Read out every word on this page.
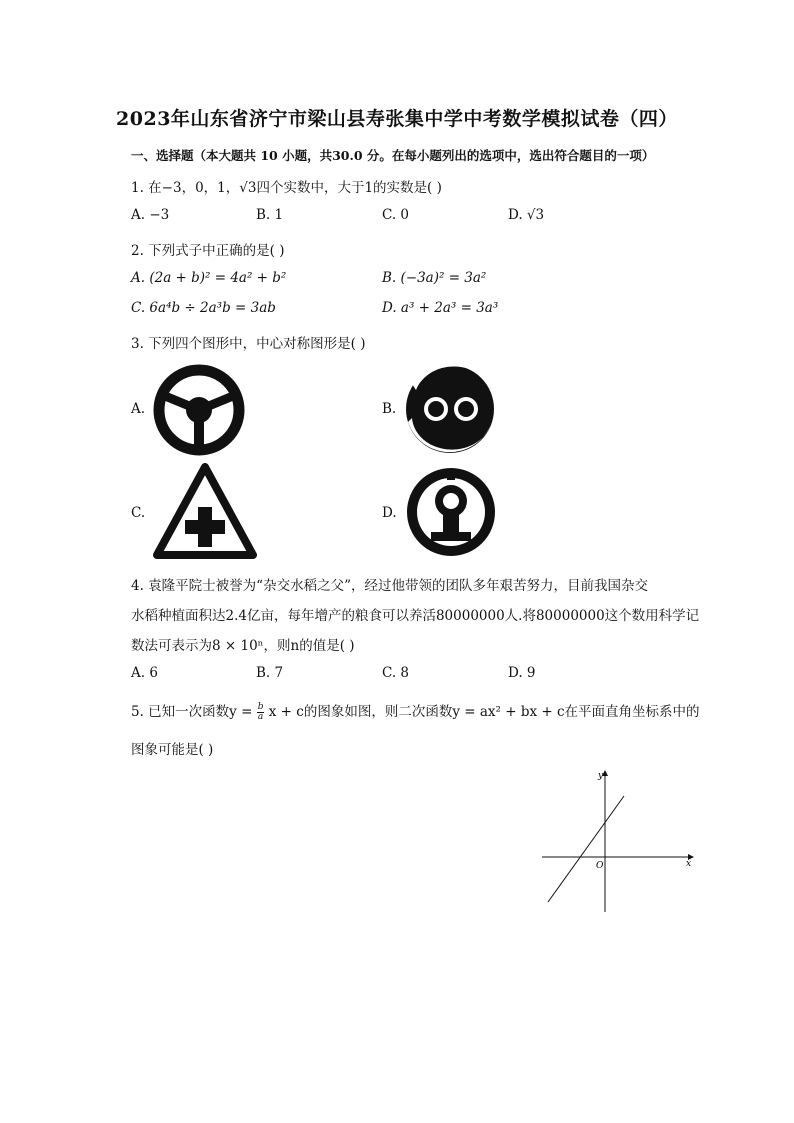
2023年山东省济宁市梁山县寿张集中学中考数学模拟试卷（四）
一、选择题（本大题共 10 小题，共30.0 分。在每小题列出的选项中，选出符合题目的一项）
1. 在−3，0，1，√3四个实数中，大于1的实数是( )
A. −3	B. 1	C. 0	D. √3
2. 下列式子中正确的是( )
A. (2a + b)² = 4a² + b²	B. (−3a)² = 3a²
C. 6a⁴b ÷ 2a³b = 3ab	D. a³ + 2a³ = 3a³
3. 下列四个图形中，中心对称图形是( )
A.	B.
C.	D.
4. 袁隆平院士被誉为“杂交水稻之父”，经过他带领的团队多年艰苦努力，目前我国杂交
水稻种植面积达2.4亿亩，每年增产的粮食可以养活80000000人.将80000000这个数用科学记
数法可表示为8 × 10ⁿ，则n的值是( )
A. 6	B. 7	C. 8	D. 9
5. 已知一次函数$y = \frac{b}{a}$ x + c的图象如图，则二次函数y = ax² + bx + c在平面直角坐标系中的
图象可能是( )
x
y
O
